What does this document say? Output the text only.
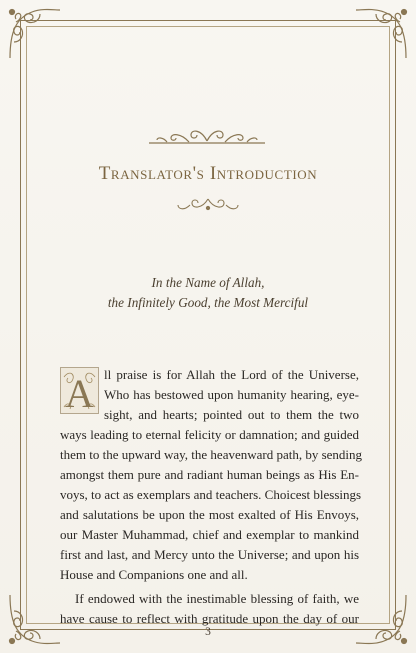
Translator's Introduction
In the Name of Allah,
the Infinitely Good, the Most Merciful
A ll praise is for Allah the Lord of the Universe,
Who has bestowed upon humanity hearing, eye-
sight, and hearts; pointed out to them the two
ways leading to eternal felicity or damnation; and guided
them to the upward way, the heavenward path, by sending
amongst them pure and radiant human beings as His En-
voys, to act as exemplars and teachers. Choicest blessings
and salutations be upon the most exalted of His Envoys,
our Master Muhammad, chief and exemplar to mankind
first and last, and Mercy unto the Universe; and upon his
House and Companions one and all.
If endowed with the inestimable blessing of faith, we
have cause to reflect with gratitude upon the day of our
3
